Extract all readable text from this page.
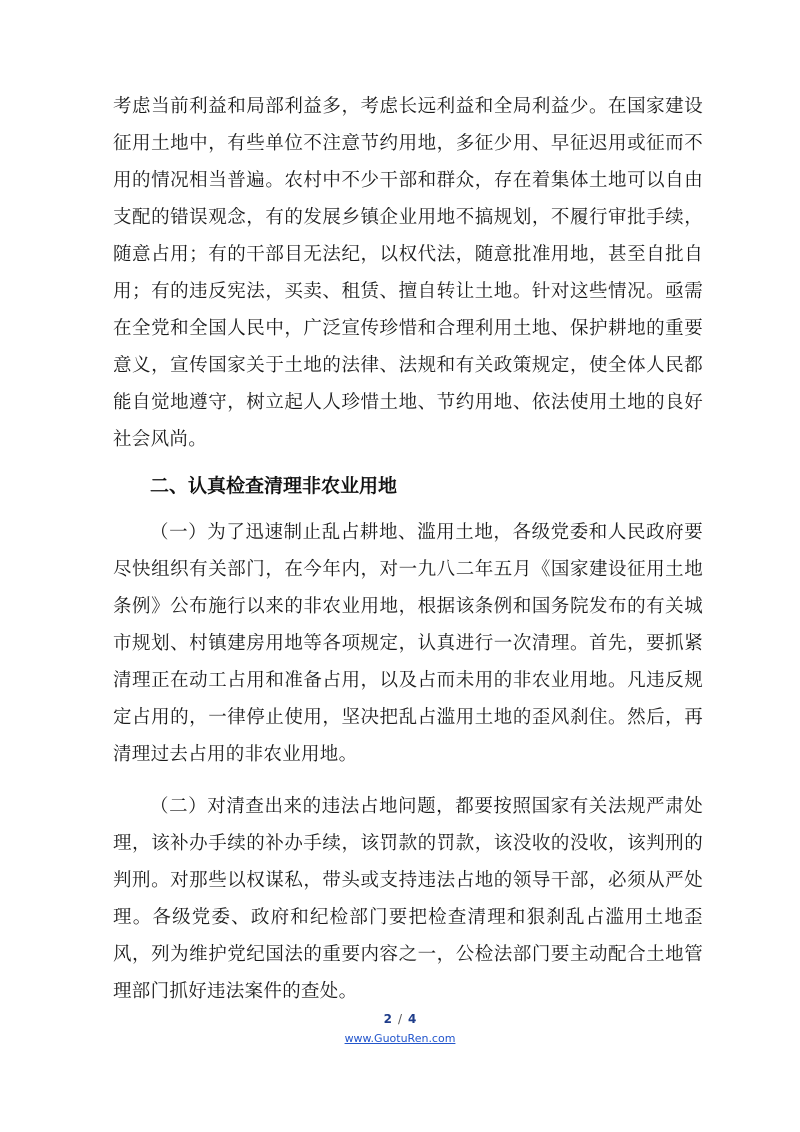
考虑当前利益和局部利益多，考虑长远利益和全局利益少。在国家建设征用土地中，有些单位不注意节约用地，多征少用、早征迟用或征而不用的情况相当普遍。农村中不少干部和群众，存在着集体土地可以自由支配的错误观念，有的发展乡镇企业用地不搞规划，不履行审批手续，随意占用；有的干部目无法纪，以权代法，随意批准用地，甚至自批自用；有的违反宪法，买卖、租赁、擅自转让土地。针对这些情况。亟需在全党和全国人民中，广泛宣传珍惜和合理利用土地、保护耕地的重要意义，宣传国家关于土地的法律、法规和有关政策规定，使全体人民都能自觉地遵守，树立起人人珍惜土地、节约用地、依法使用土地的良好社会风尚。

二、认真检查清理非农业用地

（一）为了迅速制止乱占耕地、滥用土地，各级党委和人民政府要尽快组织有关部门，在今年内，对一九八二年五月《国家建设征用土地条例》公布施行以来的非农业用地，根据该条例和国务院发布的有关城市规划、村镇建房用地等各项规定，认真进行一次清理。首先，要抓紧清理正在动工占用和准备占用，以及占而未用的非农业用地。凡违反规定占用的，一律停止使用，坚决把乱占滥用土地的歪风刹住。然后，再清理过去占用的非农业用地。

（二）对清查出来的违法占地问题，都要按照国家有关法规严肃处理，该补办手续的补办手续，该罚款的罚款，该没收的没收，该判刑的判刑。对那些以权谋私，带头或支持违法占地的领导干部，必须从严处理。各级党委、政府和纪检部门要把检查清理和狠刹乱占滥用土地歪风，列为维护党纪国法的重要内容之一，公检法部门要主动配合土地管理部门抓好违法案件的查处。

2 / 4
www.GuotuRen.com
